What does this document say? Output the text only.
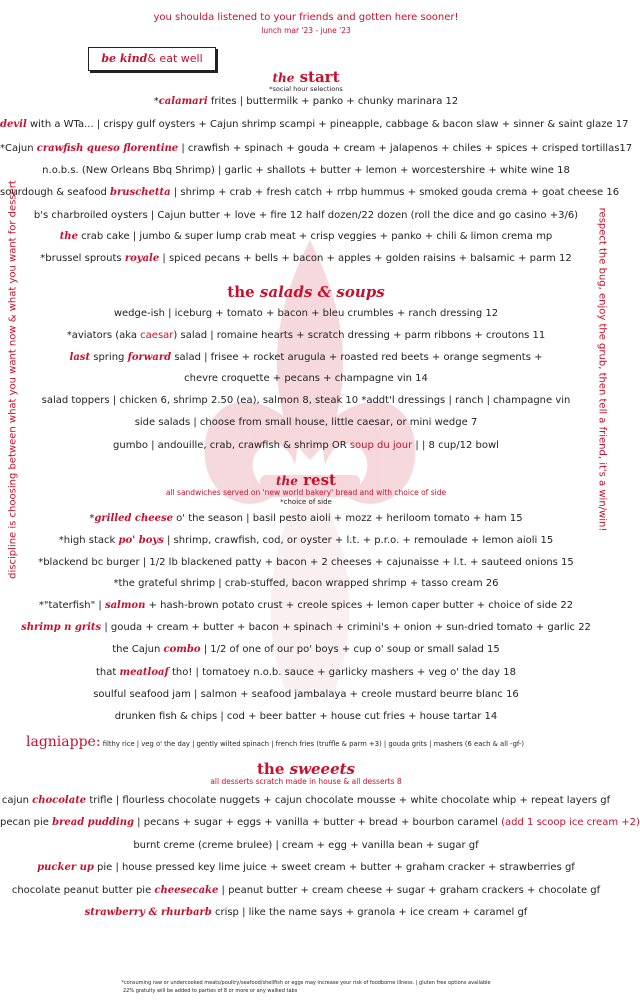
you shoulda listened to your friends and gotten here sooner!
lunch mar '23 - june '23
be kind& eat well
discipline is choosing between what you want now & what you want for dessert	respect the bug, enjoy the grub, then tell a friend, it's a win/win!
the start
*social hour selections
*calamari frites | buttermilk + panko + chunky marinara 12
devil with a WTa... | crispy gulf oysters + Cajun shrimp scampi + pineapple, cabbage & bacon slaw + sinner & saint glaze 17
*Cajun crawfish queso florentine | crawfish + spinach + gouda + cream + jalapenos + chiles + spices + crisped tortillas17
n.o.b.s. (New Orleans Bbq Shrimp) | garlic + shallots + butter + lemon + worcestershire + white wine 18
sourdough & seafood bruschetta | shrimp + crab + fresh catch + rrbp hummus + smoked gouda crema + goat cheese 16
b's charbroiled oysters | Cajun butter + love + fire 12 half dozen/22 dozen (roll the dice and go casino +3/6)
the crab cake | jumbo & super lump crab meat + crisp veggies + panko + chili & limon crema mp
*brussel sprouts royale | spiced pecans + bells + bacon + apples + golden raisins + balsamic + parm 12
the salads & soups
wedge-ish | iceburg + tomato + bacon + bleu crumbles + ranch dressing 12
*aviators (aka caesar) salad | romaine hearts + scratch dressing + parm ribbons + croutons 11
last spring forward salad | frisee + rocket arugula + roasted red beets + orange segments +
chevre croquette + pecans + champagne vin 14
salad toppers | chicken 6, shrimp 2.50 (ea), salmon 8, steak 10 *addt'l dressings | ranch | champagne vin
side salads | choose from small house, little caesar, or mini wedge 7
gumbo | andouille, crab, crawfish & shrimp OR soup du jour | | 8 cup/12 bowl
the rest
all sandwiches served on 'new world bakery' bread and with choice of side
*choice of side
*grilled cheese o' the season | basil pesto aioli + mozz + heriloom tomato + ham 15
*high stack po' boys | shrimp, crawfish, cod, or oyster + l.t. + p.r.o. + remoulade + lemon aioli 15
*blackend bc burger | 1/2 lb blackened patty + bacon + 2 cheeses + cajunaisse + l.t. + sauteed onions 15
*the grateful shrimp | crab-stuffed, bacon wrapped shrimp + tasso cream 26
*"taterfish" | salmon + hash-brown potato crust + creole spices + lemon caper butter + choice of side 22
shrimp n grits | gouda + cream + butter + bacon + spinach + crimini's + onion + sun-dried tomato + garlic 22
the Cajun combo | 1/2 of one of our po' boys + cup o' soup or small salad 15
that meatloaf tho! | tomatoey n.o.b. sauce + garlicky mashers + veg o' the day 18
soulful seafood jam | salmon + seafood jambalaya + creole mustard beurre blanc 16
drunken fish & chips | cod + beer batter + house cut fries + house tartar 14
lagniappe: filthy rice | veg o' the day | gently wilted spinach | french fries (truffle & parm +3) | gouda grits | mashers (6 each & all -gf-)
the sweeets
all desserts scratch made in house & all desserts 8
cajun chocolate trifle | flourless chocolate nuggets + cajun chocolate mousse + white chocolate whip + repeat layers gf
pecan pie bread pudding | pecans + sugar + eggs + vanilla + butter + bread + bourbon caramel (add 1 scoop ice cream +2)
burnt creme (creme brulee) | cream + egg + vanilla bean + sugar gf
pucker up pie | house pressed key lime juice + sweet cream + butter + graham cracker + strawberries gf
chocolate peanut butter pie cheesecake | peanut butter + cream cheese + sugar + graham crackers + chocolate gf
strawberry & rhurbarb crisp | like the name says + granola + ice cream + caramel gf
*consuming raw or undercooked meats/poultry/seafood/shellfish or eggs may increase your risk of foodborne illness. | gluten free options available
22% gratuity will be added to parties of 8 or more or any walked tabs
